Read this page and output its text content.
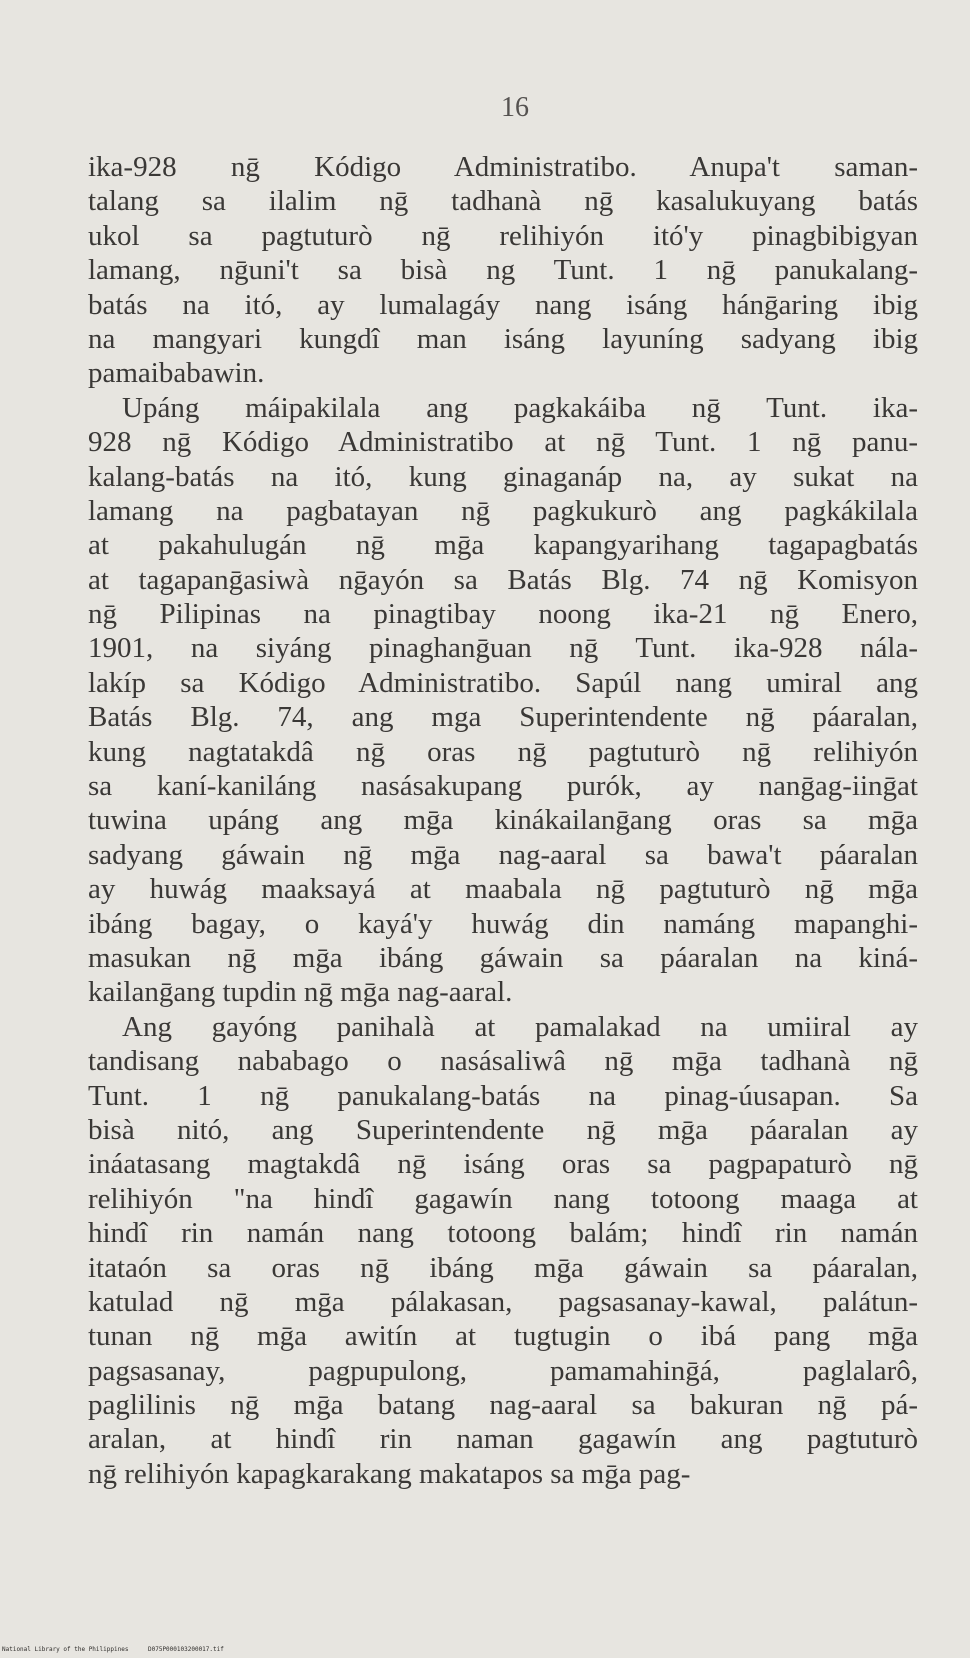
16
ika-928 nḡ Kódigo Administratibo. Anupa't saman-
talang sa ilalim nḡ tadhanà nḡ kasalukuyang batás
ukol sa pagtuturò nḡ relihiyón itó'y pinagbibigyan
lamang, nḡuni't sa bisà ng Tunt. 1 nḡ panukalang-
batás na itó, ay lumalagáy nang isáng hánḡaring ibig
na mangyari kungdî man isáng layuníng sadyang ibig
pamaibabawin.
Upáng máipakilala ang pagkakáiba nḡ Tunt. ika-
928 nḡ Kódigo Administratibo at nḡ Tunt. 1 nḡ panu-
kalang-batás na itó, kung ginaganáp na, ay sukat na
lamang na pagbatayan nḡ pagkukurò ang pagkákilala
at pakahulugán nḡ mḡa kapangyarihang tagapagbatás
at tagapanḡasiwà nḡayón sa Batás Blg. 74 nḡ Komisyon
nḡ Pilipinas na pinagtibay noong ika-21 nḡ Enero,
1901, na siyáng pinaghanḡuan nḡ Tunt. ika-928 nála-
lakíp sa Kódigo Administratibo. Sapúl nang umiral ang
Batás Blg. 74, ang mga Superintendente nḡ páaralan,
kung nagtatakdâ nḡ oras nḡ pagtuturò nḡ relihiyón
sa kaní-kaniláng nasásakupang purók, ay nanḡag-iinḡat
tuwina upáng ang mḡa kinákailanḡang oras sa mḡa
sadyang gáwain nḡ mḡa nag-aaral sa bawa't páaralan
ay huwág maaksayá at maabala nḡ pagtuturò nḡ mḡa
ibáng bagay, o kayá'y huwág din namáng mapanghi-
masukan nḡ mḡa ibáng gáwain sa páaralan na kiná-
kailanḡang tupdin nḡ mḡa nag-aaral.
Ang gayóng panihalà at pamalakad na umiiral ay
tandisang nababago o nasásaliwâ nḡ mḡa tadhanà nḡ
Tunt. 1 nḡ panukalang-batás na pinag-úusapan. Sa
bisà nitó, ang Superintendente nḡ mḡa páaralan ay
ináatasang magtakdâ nḡ isáng oras sa pagpapaturò nḡ
relihiyón "na hindî gagawín nang totoong maaga at
hindî rin namán nang totoong balám; hindî rin namán
itataón sa oras nḡ ibáng mḡa gáwain sa páaralan,
katulad nḡ mḡa pálakasan, pagsasanay-kawal, palátun-
tunan nḡ mḡa awitín at tugtugin o ibá pang mḡa
pagsasanay, pagpupulong, pamamahinḡá, paglalarô,
paglilinis nḡ mḡa batang nag-aaral sa bakuran nḡ pá-
aralan, at hindî rin naman gagawín ang pagtuturò
nḡ relihiyón kapagkarakang makatapos sa mḡa pag-
National Library of the Philippines	D075P000103200017.tif
